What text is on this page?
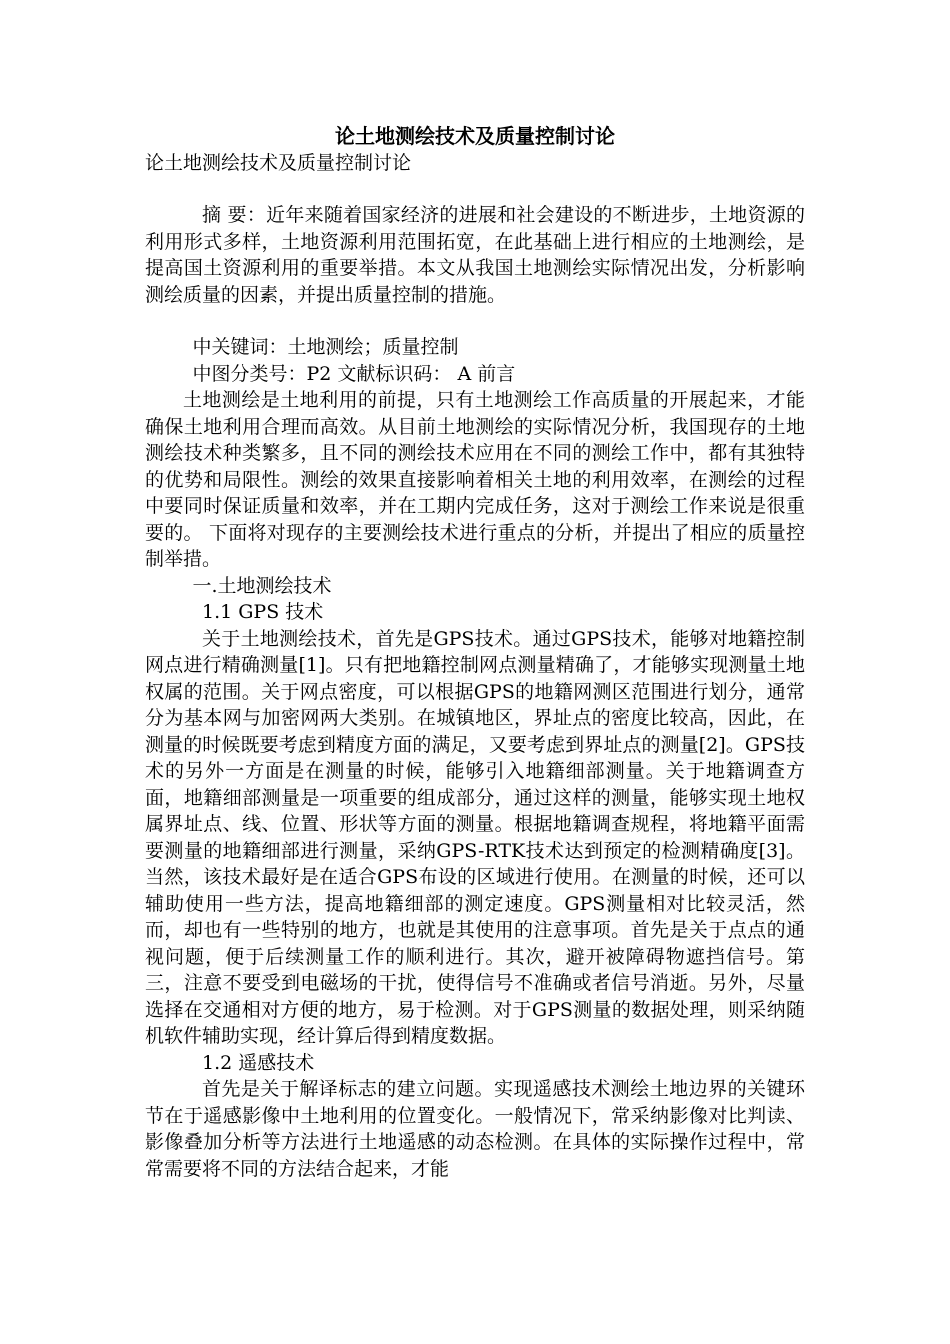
论土地测绘技术及质量控制讨论

论土地测绘技术及质量控制讨论

摘 要：近年来随着国家经济的进展和社会建设的不断进步，土地资源的利用形式多样，土地资源利用范围拓宽，在此基础上进行相应的土地测绘，是提高国土资源利用的重要举措。本文从我国土地测绘实际情况出发，分析影响测绘质量的因素，并提出质量控制的措施。

中关键词：土地测绘；质量控制

中图分类号：P2 文献标识码： A 前言

土地测绘是土地利用的前提，只有土地测绘工作高质量的开展起来，才能确保土地利用合理而高效。从目前土地测绘的实际情况分析，我国现存的土地测绘技术种类繁多，且不同的测绘技术应用在不同的测绘工作中，都有其独特的优势和局限性。测绘的效果直接影响着相关土地的利用效率，在测绘的过程中要同时保证质量和效率，并在工期内完成任务，这对于测绘工作来说是很重要的。 下面将对现存的主要测绘技术进行重点的分析，并提出了相应的质量控制举措。

一.土地测绘技术

1.1 GPS 技术

关于土地测绘技术，首先是GPS技术。通过GPS技术，能够对地籍控制网点进行精确测量[1]。只有把地籍控制网点测量精确了，才能够实现测量土地权属的范围。关于网点密度，可以根据GPS的地籍网测区范围进行划分，通常分为基本网与加密网两大类别。在城镇地区，界址点的密度比较高，因此，在测量的时候既要考虑到精度方面的满足，又要考虑到界址点的测量[2]。GPS技术的另外一方面是在测量的时候，能够引入地籍细部测量。关于地籍调查方面，地籍细部测量是一项重要的组成部分，通过这样的测量，能够实现土地权属界址点、线、位置、形状等方面的测量。根据地籍调查规程，将地籍平面需要测量的地籍细部进行测量，采纳GPS-RTK技术达到预定的检测精确度[3]。当然，该技术最好是在适合GPS布设的区域进行使用。在测量的时候，还可以辅助使用一些方法，提高地籍细部的测定速度。GPS测量相对比较灵活，然而，却也有一些特别的地方，也就是其使用的注意事项。首先是关于点点的通视问题，便于后续测量工作的顺利进行。其次，避开被障碍物遮挡信号。第三，注意不要受到电磁场的干扰，使得信号不准确或者信号消逝。另外，尽量选择在交通相对方便的地方，易于检测。对于GPS测量的数据处理，则采纳随机软件辅助实现，经计算后得到精度数据。

1.2 遥感技术

首先是关于解译标志的建立问题。实现遥感技术测绘土地边界的关键环节在于遥感影像中土地利用的位置变化。一般情况下，常采纳影像对比判读、影像叠加分析等方法进行土地遥感的动态检测。在具体的实际操作过程中，常常需要将不同的方法结合起来，才能
